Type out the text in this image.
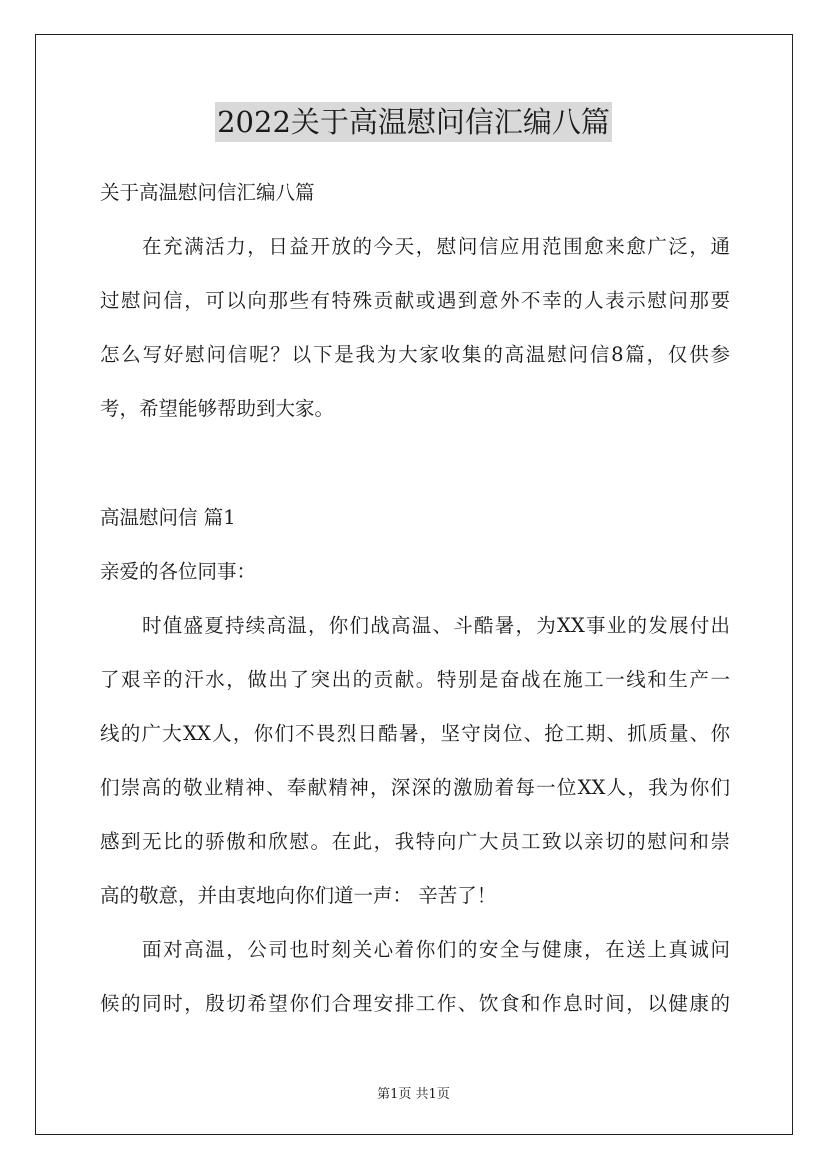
2022关于高温慰问信汇编八篇
关于高温慰问信汇编八篇
在充满活力，日益开放的今天，慰问信应用范围愈来愈广泛，通
过慰问信，可以向那些有特殊贡献或遇到意外不幸的人表示慰问那要
怎么写好慰问信呢？以下是我为大家收集的高温慰问信8篇，仅供参
考，希望能够帮助到大家。
高温慰问信 篇1
亲爱的各位同事：
时值盛夏持续高温，你们战高温、斗酷暑，为XX事业的发展付出
了艰辛的汗水，做出了突出的贡献。特别是奋战在施工一线和生产一
线的广大XX人，你们不畏烈日酷暑，坚守岗位、抢工期、抓质量、你
们崇高的敬业精神、奉献精神，深深的激励着每一位XX人，我为你们
感到无比的骄傲和欣慰。在此，我特向广大员工致以亲切的慰问和崇
高的敬意，并由衷地向你们道一声： 辛苦了！
面对高温，公司也时刻关心着你们的安全与健康，在送上真诚问
候的同时，殷切希望你们合理安排工作、饮食和作息时间，以健康的
第1页 共1页
